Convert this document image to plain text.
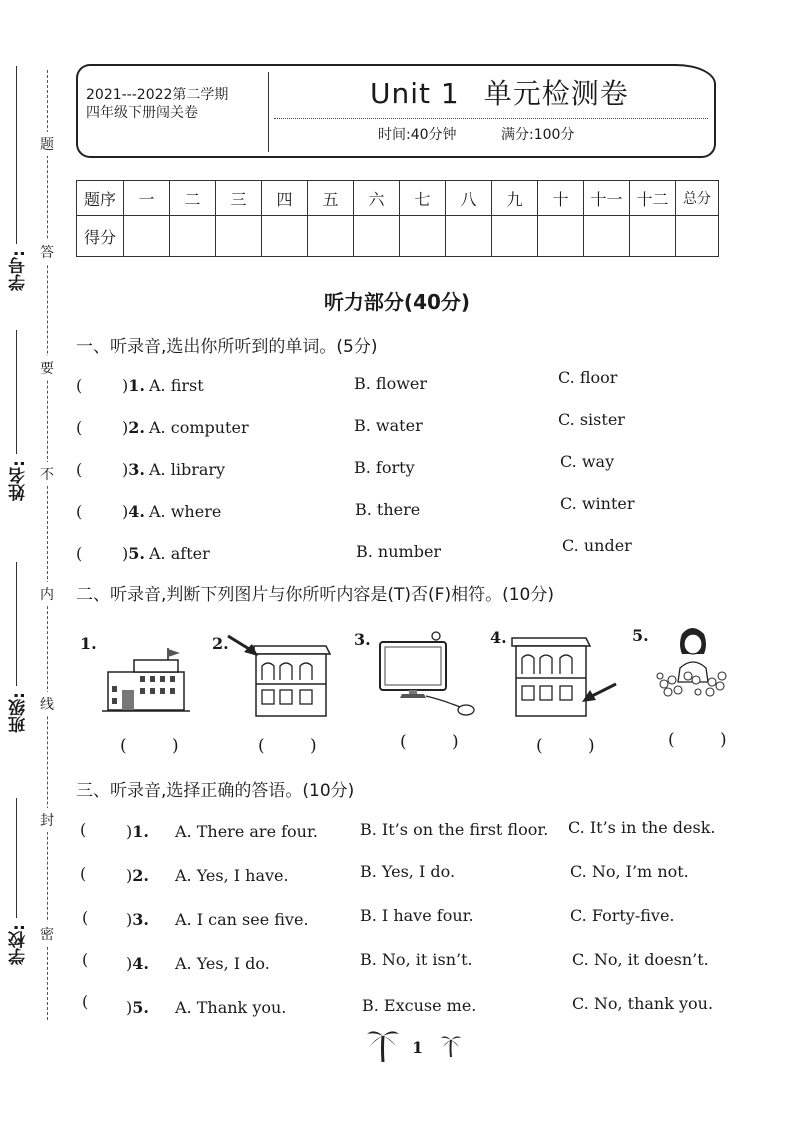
题
答
要
不
内
线
封
密
学号:
姓名:
班级:
学校:
2021---2022第二学期
四年级下册闯关卷
Unit 1 单元检测卷
时间:40分钟	满分:100分
题序	一	二	三	四	五	六	七	八	九	十	十一	十二	总分
得分													
听力部分(40分)
一、听录音,选出你所听到的单词。(5分)
( )1. A. first	B. flower	C. floor
( )2. A. computer	B. water	C. sister
( )3. A. library	B. forty	C. way
( )4. A. where	B. there	C. winter
( )5. A. after	B. number	C. under
二、听录音,判断下列图片与你所听内容是(T)否(F)相符。(10分)
1.
( )
2.
( )
3.
( )
4.
( )
5.
( )
三、听录音,选择正确的答语。(10分)
( )1. A. There are four.	B. It’s on the first floor. C. It’s in the desk.
( )2. A. Yes, I have.	B. Yes, I do.	C. No, I’m not.
( )3. A. I can see five.	B. I have four.	C. Forty-five.
( )4. A. Yes, I do.	B. No, it isn’t.	C. No, it doesn’t.
( )5. A. Thank you.	B. Excuse me.	C. No, thank you.
1
